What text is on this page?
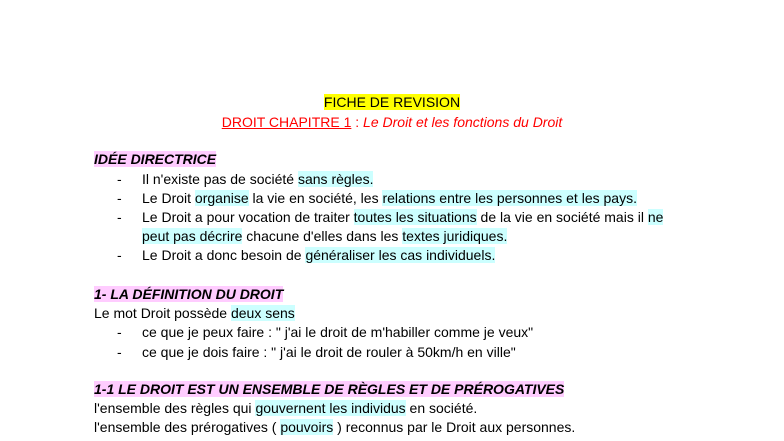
FICHE DE REVISION
DROIT CHAPITRE 1 : Le Droit et les fonctions du Droit
IDÉE DIRECTRICE
- Il n'existe pas de société sans règles.
- Le Droit organise la vie en société, les relations entre les personnes et les pays.
- Le Droit a pour vocation de traiter toutes les situations de la vie en société mais il ne
peut pas décrire chacune d'elles dans les textes juridiques.
- Le Droit a donc besoin de généraliser les cas individuels.
1- LA DÉFINITION DU DROIT
Le mot Droit possède deux sens
- ce que je peux faire : " j'ai le droit de m'habiller comme je veux"
- ce que je dois faire : " j'ai le droit de rouler à 50km/h en ville"
1-1 LE DROIT EST UN ENSEMBLE DE RÈGLES ET DE PRÉROGATIVES
l'ensemble des règles qui gouvernent les individus en société.
l'ensemble des prérogatives ( pouvoirs ) reconnus par le Droit aux personnes.
